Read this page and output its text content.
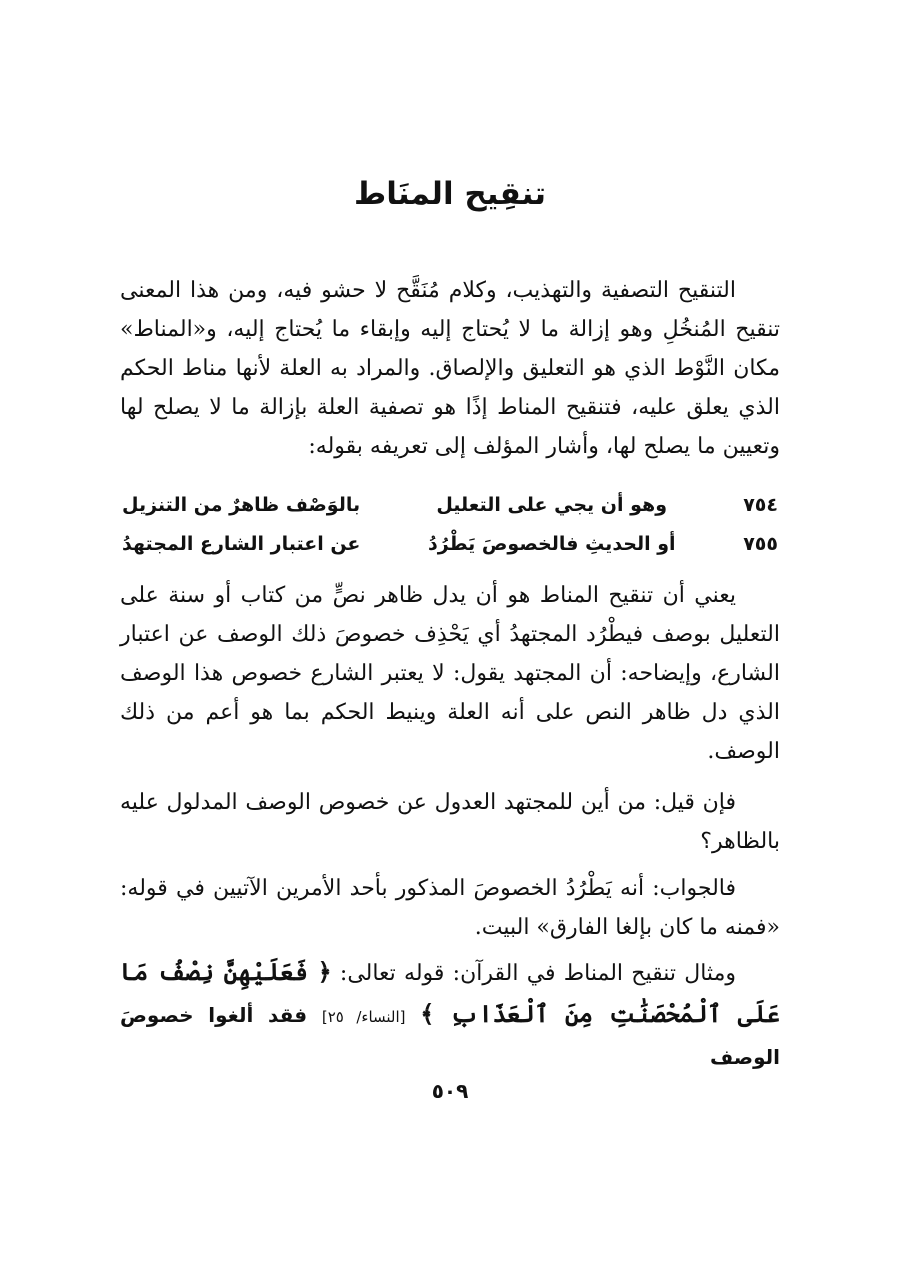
تنقِيح المنَاط

التنقيح التصفية والتهذيب، وكلام مُنَقَّح لا حشو فيه، ومن هذا المعنى تنقيح المُنخُلِ وهو إزالة ما لا يُحتاج إليه وإبقاء ما يُحتاج إليه، و«المناط» مكان النَّوْط الذي هو التعليق والإلصاق. والمراد به العلة لأنها مناط الحكم الذي يعلق عليه، فتنقيح المناط إذًا هو تصفية العلة بإزالة ما لا يصلح لها وتعيين ما يصلح لها، وأشار المؤلف إلى تعريفه بقوله:

٧٥٤
وهو أن يجي على التعليل
بالوَصْف ظاهرٌ من التنزيل
٧٥٥
أو الحديثِ فالخصوصَ يَطْرُدُ
عن اعتبار الشارع المجتهدُ

يعني أن تنقيح المناط هو أن يدل ظاهر نصٍّ من كتاب أو سنة على التعليل بوصف فيطْرُد المجتهدُ أي يَحْذِف خصوصَ ذلك الوصف عن اعتبار الشارع، وإيضاحه: أن المجتهد يقول: لا يعتبر الشارع خصوص هذا الوصف الذي دل ظاهر النص على أنه العلة وينيط الحكم بما هو أعم من ذلك الوصف.

فإن قيل: من أين للمجتهد العدول عن خصوص الوصف المدلول عليه بالظاهر؟

فالجواب: أنه يَطْرُدُ الخصوصَ المذكور بأحد الأمرين الآتيين في قوله: «فمنه ما كان بإلغا الفارق» البيت.

ومثال تنقيح المناط في القرآن: قوله تعالى: ﴿ فَعَلَيْهِنَّ نِصْفُ مَا عَلَى ٱلْمُحْصَنَٰتِ مِنَ ٱلْعَذَابِ ﴾ [النساء/ ٢٥] فقد ألغوا خصوصَ الوصف

٥٠٩
